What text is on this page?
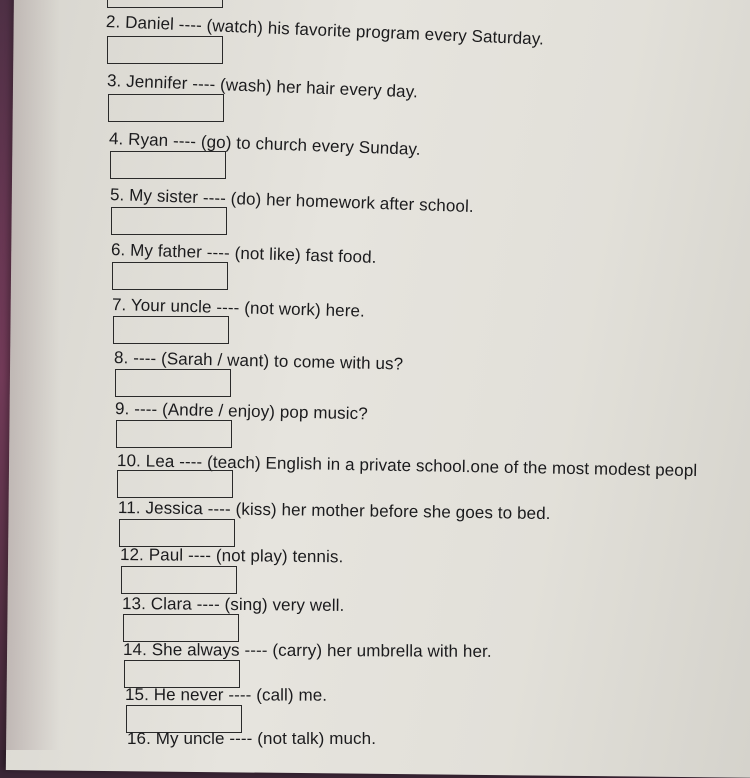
2. Daniel ---- (watch) his favorite program every Saturday.
3. Jennifer ---- (wash) her hair every day.
4. Ryan ---- (go) to church every Sunday.
5. My sister ---- (do) her homework after school.
6. My father ---- (not like) fast food.
7. Your uncle ---- (not work) here.
8. ---- (Sarah / want) to come with us?
9. ---- (Andre / enjoy) pop music?
10. Lea ---- (teach) English in a private school.one of the most modest peopl
11. Jessica ---- (kiss) her mother before she goes to bed.
12. Paul ---- (not play) tennis.
13. Clara ---- (sing) very well.
14. She always ---- (carry) her umbrella with her.
15. He never ---- (call) me.
16. My uncle ---- (not talk) much.
